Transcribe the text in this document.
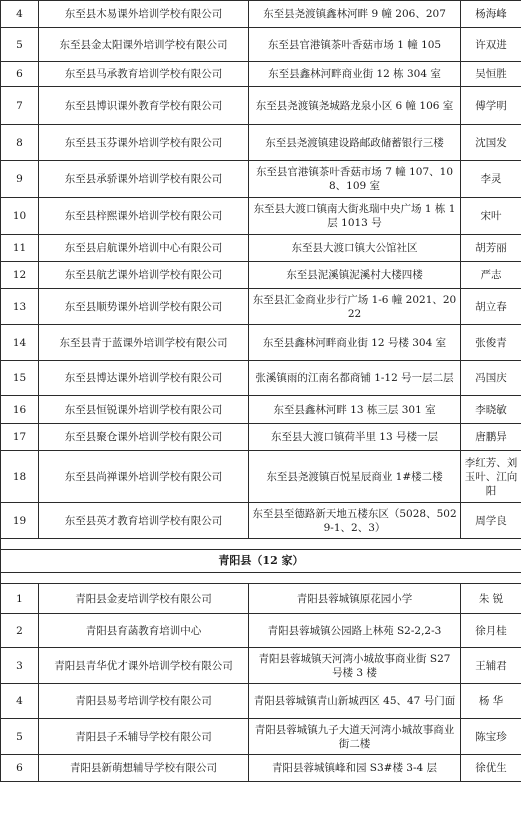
4	东至县木易课外培训学校有限公司	东至县尧渡镇鑫林河畔 9 幢 206、207	杨海峰
5	东至县金太阳课外培训学校有限公司	东至县官港镇茶叶香菇市场 1 幢 105	许双进
6	东至县马承教育培训学校有限公司	东至县鑫林河畔商业街 12 栋 304 室	吴恒胜
7	东至县博识课外教育学校有限公司	东至县尧渡镇尧城路龙泉小区 6 幢 106 室	傅学明
8	东至县玉芬课外培训学校有限公司	东至县尧渡镇建设路邮政储蓄银行三楼	沈国发
9	东至县承骄课外培训学校有限公司	东至县官港镇茶叶香菇市场 7 幢 107、108、109 室	李灵
10	东至县梓熙课外培训学校有限公司	东至县大渡口镇南大街兆瑞中央广场 1 栋 1 层 1013 号	宋叶
11	东至县启航课外培训中心有限公司	东至县大渡口镇大公馆社区	胡芳丽
12	东至县航艺课外培训学校有限公司	东至县泥溪镇泥溪村大楼四楼	严志
13	东至县顺势课外培训学校有限公司	东至县汇金商业步行广场 1-6 幢 2021、2022	胡立春
14	东至县青于蓝课外培训学校有限公司	东至县鑫林河畔商业街 12 号楼 304 室	张俊青
15	东至县博达课外培训学校有限公司	张溪镇雨的江南名都商铺 1-12 号一层二层	冯国庆
16	东至县恒锐课外培训学校有限公司	东至县鑫林河畔 13 栋三层 301 室	李晓敏
17	东至县聚仓课外培训学校有限公司	东至县大渡口镇荷半里 13 号楼一层	唐鹏异
18	东至县尚禅课外培训学校有限公司	东至县尧渡镇百悦星辰商业 1#楼二楼	李红芳、刘玉叶、江向阳
19	东至县英才教育培训学校有限公司	东至县至德路新天地五楼东区（5028、5029-1、2、3）	周学良

青阳县（12 家）			

1	青阳县金麦培训学校有限公司	青阳县蓉城镇原花园小学	朱 锐
2	青阳县育菡教育培训中心	青阳县蓉城镇公园路上林苑 S2-2,2-3	徐月桂
3	青阳县青华优才课外培训学校有限公司	青阳县蓉城镇天河湾小城故事商业街 S27 号楼 3 楼	王辅君
4	青阳县易考培训学校有限公司	青阳县蓉城镇青山新城西区 45、47 号门面	杨 华
5	青阳县子禾辅导学校有限公司	青阳县蓉城镇九子大道天河湾小城故事商业街二楼	陈宝珍
6	青阳县新萌想辅导学校有限公司	青阳县蓉城镇峰和园 S3#楼 3-4 层	徐优生
